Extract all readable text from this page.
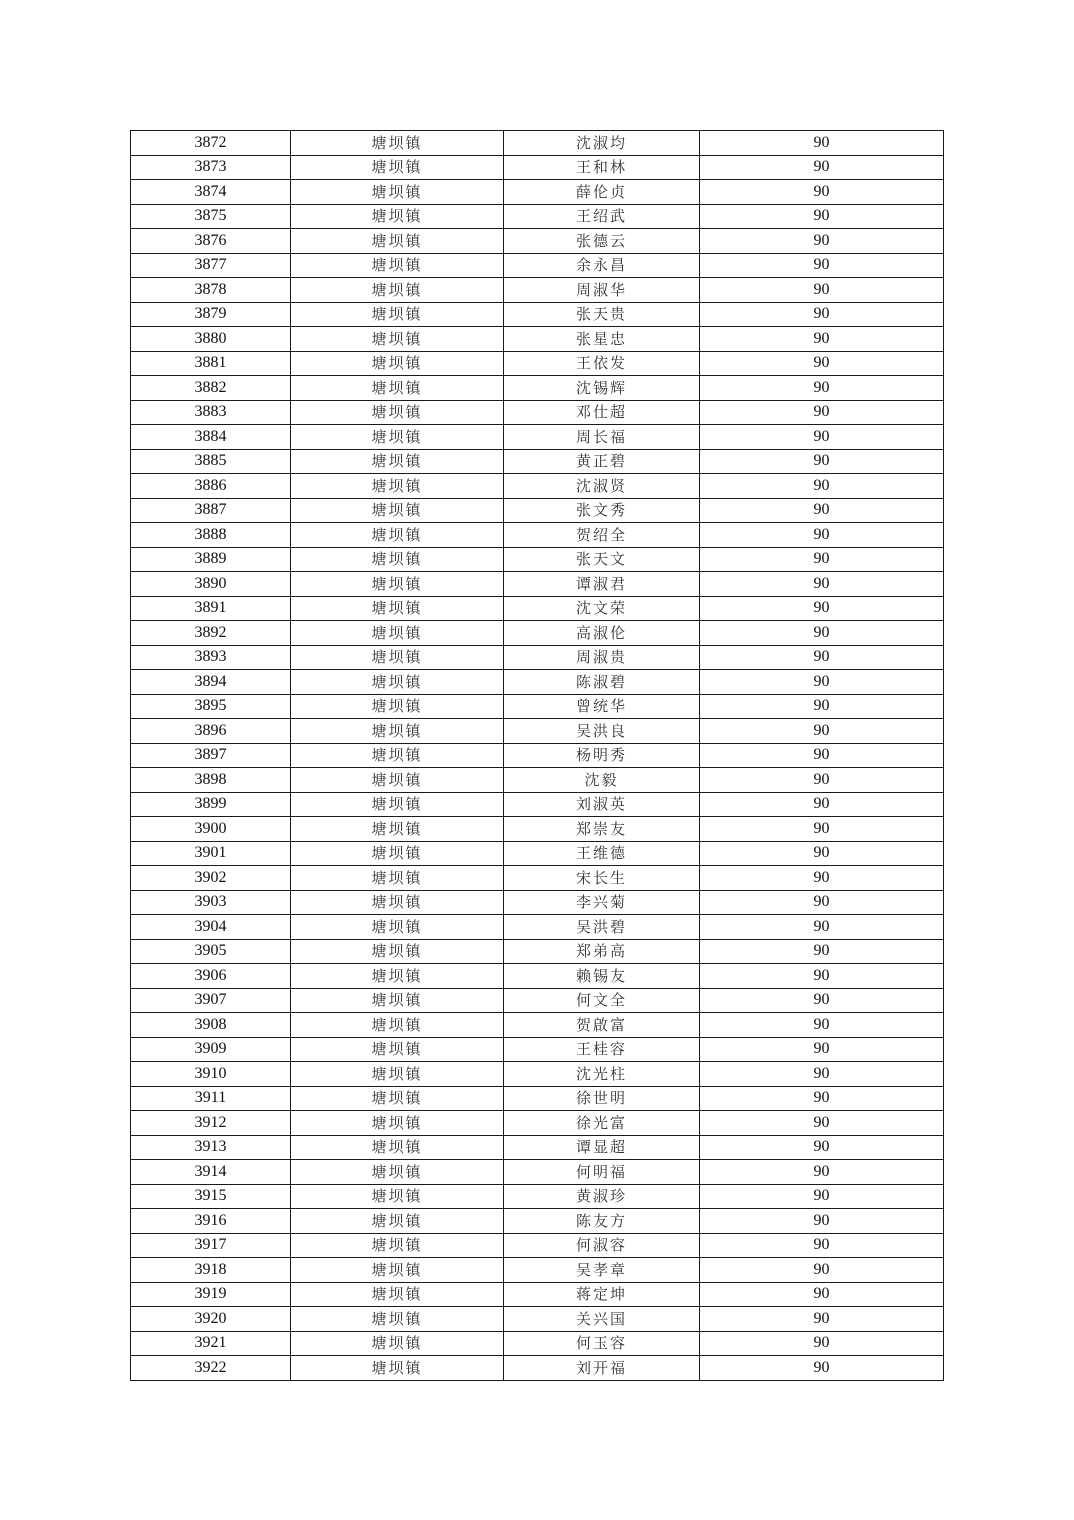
3872	塘坝镇	沈淑均	90
3873	塘坝镇	王和林	90
3874	塘坝镇	薛伦贞	90
3875	塘坝镇	王绍武	90
3876	塘坝镇	张德云	90
3877	塘坝镇	余永昌	90
3878	塘坝镇	周淑华	90
3879	塘坝镇	张天贵	90
3880	塘坝镇	张星忠	90
3881	塘坝镇	王依发	90
3882	塘坝镇	沈锡辉	90
3883	塘坝镇	邓仕超	90
3884	塘坝镇	周长福	90
3885	塘坝镇	黄正碧	90
3886	塘坝镇	沈淑贤	90
3887	塘坝镇	张文秀	90
3888	塘坝镇	贺绍全	90
3889	塘坝镇	张天文	90
3890	塘坝镇	谭淑君	90
3891	塘坝镇	沈文荣	90
3892	塘坝镇	高淑伦	90
3893	塘坝镇	周淑贵	90
3894	塘坝镇	陈淑碧	90
3895	塘坝镇	曾统华	90
3896	塘坝镇	吴洪良	90
3897	塘坝镇	杨明秀	90
3898	塘坝镇	沈毅	90
3899	塘坝镇	刘淑英	90
3900	塘坝镇	郑崇友	90
3901	塘坝镇	王维德	90
3902	塘坝镇	宋长生	90
3903	塘坝镇	李兴菊	90
3904	塘坝镇	吴洪碧	90
3905	塘坝镇	郑弟高	90
3906	塘坝镇	赖锡友	90
3907	塘坝镇	何文全	90
3908	塘坝镇	贺啟富	90
3909	塘坝镇	王桂容	90
3910	塘坝镇	沈光柱	90
3911	塘坝镇	徐世明	90
3912	塘坝镇	徐光富	90
3913	塘坝镇	谭显超	90
3914	塘坝镇	何明福	90
3915	塘坝镇	黄淑珍	90
3916	塘坝镇	陈友方	90
3917	塘坝镇	何淑容	90
3918	塘坝镇	吴孝章	90
3919	塘坝镇	蒋定坤	90
3920	塘坝镇	关兴国	90
3921	塘坝镇	何玉容	90
3922	塘坝镇	刘开福	90
